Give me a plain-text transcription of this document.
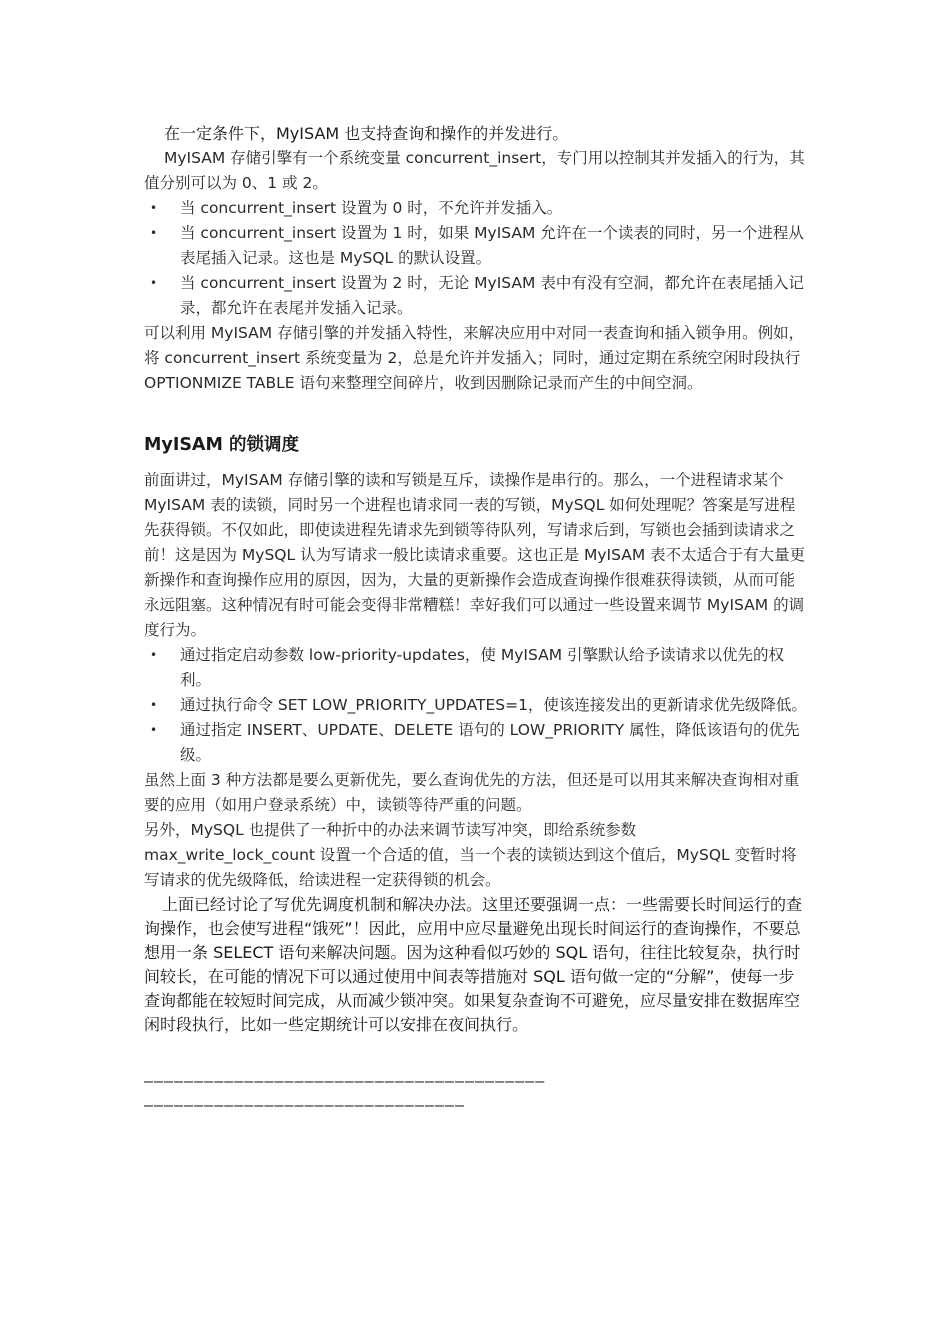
在一定条件下，MyISAM 也支持查询和操作的并发进行。

MyISAM 存储引擎有一个系统变量 concurrent_insert，专门用以控制其并发插入的行为，其值分别可以为 0、1 或 2。

• 当 concurrent_insert 设置为 0 时，不允许并发插入。
• 当 concurrent_insert 设置为 1 时，如果 MyISAM 允许在一个读表的同时，另一个进程从表尾插入记录。这也是 MySQL 的默认设置。
• 当 concurrent_insert 设置为 2 时，无论 MyISAM 表中有没有空洞，都允许在表尾插入记录，都允许在表尾并发插入记录。

可以利用 MyISAM 存储引擎的并发插入特性，来解决应用中对同一表查询和插入锁争用。例如，将 concurrent_insert 系统变量为 2，总是允许并发插入；同时，通过定期在系统空闲时段执行 OPTIONMIZE TABLE 语句来整理空间碎片，收到因删除记录而产生的中间空洞。

MyISAM 的锁调度

前面讲过，MyISAM 存储引擎的读和写锁是互斥，读操作是串行的。那么，一个进程请求某个 MyISAM 表的读锁，同时另一个进程也请求同一表的写锁，MySQL 如何处理呢？答案是写进程先获得锁。不仅如此，即使读进程先请求先到锁等待队列，写请求后到，写锁也会插到读请求之前！这是因为 MySQL 认为写请求一般比读请求重要。这也正是 MyISAM 表不太适合于有大量更新操作和查询操作应用的原因，因为，大量的更新操作会造成查询操作很难获得读锁，从而可能永远阻塞。这种情况有时可能会变得非常糟糕！幸好我们可以通过一些设置来调节 MyISAM 的调度行为。

• 通过指定启动参数 low-priority-updates，使 MyISAM 引擎默认给予读请求以优先的权利。
• 通过执行命令 SET LOW_PRIORITY_UPDATES=1，使该连接发出的更新请求优先级降低。
• 通过指定 INSERT、UPDATE、DELETE 语句的 LOW_PRIORITY 属性，降低该语句的优先级。

虽然上面 3 种方法都是要么更新优先，要么查询优先的方法，但还是可以用其来解决查询相对重要的应用（如用户登录系统）中，读锁等待严重的问题。

另外，MySQL 也提供了一种折中的办法来调节读写冲突，即给系统参数 max_write_lock_count 设置一个合适的值，当一个表的读锁达到这个值后，MySQL 变暂时将写请求的优先级降低，给读进程一定获得锁的机会。

上面已经讨论了写优先调度机制和解决办法。这里还要强调一点：一些需要长时间运行的查询操作，也会使写进程“饿死”！因此，应用中应尽量避免出现长时间运行的查询操作，不要总想用一条 SELECT 语句来解决问题。因为这种看似巧妙的 SQL 语句，往往比较复杂，执行时间较长，在可能的情况下可以通过使用中间表等措施对 SQL 语句做一定的“分解”，使每一步查询都能在较短时间完成，从而减少锁冲突。如果复杂查询不可避免，应尽量安排在数据库空闲时段执行，比如一些定期统计可以安排在夜间执行。

————————————————————————————————————————
————————————————————————————————
